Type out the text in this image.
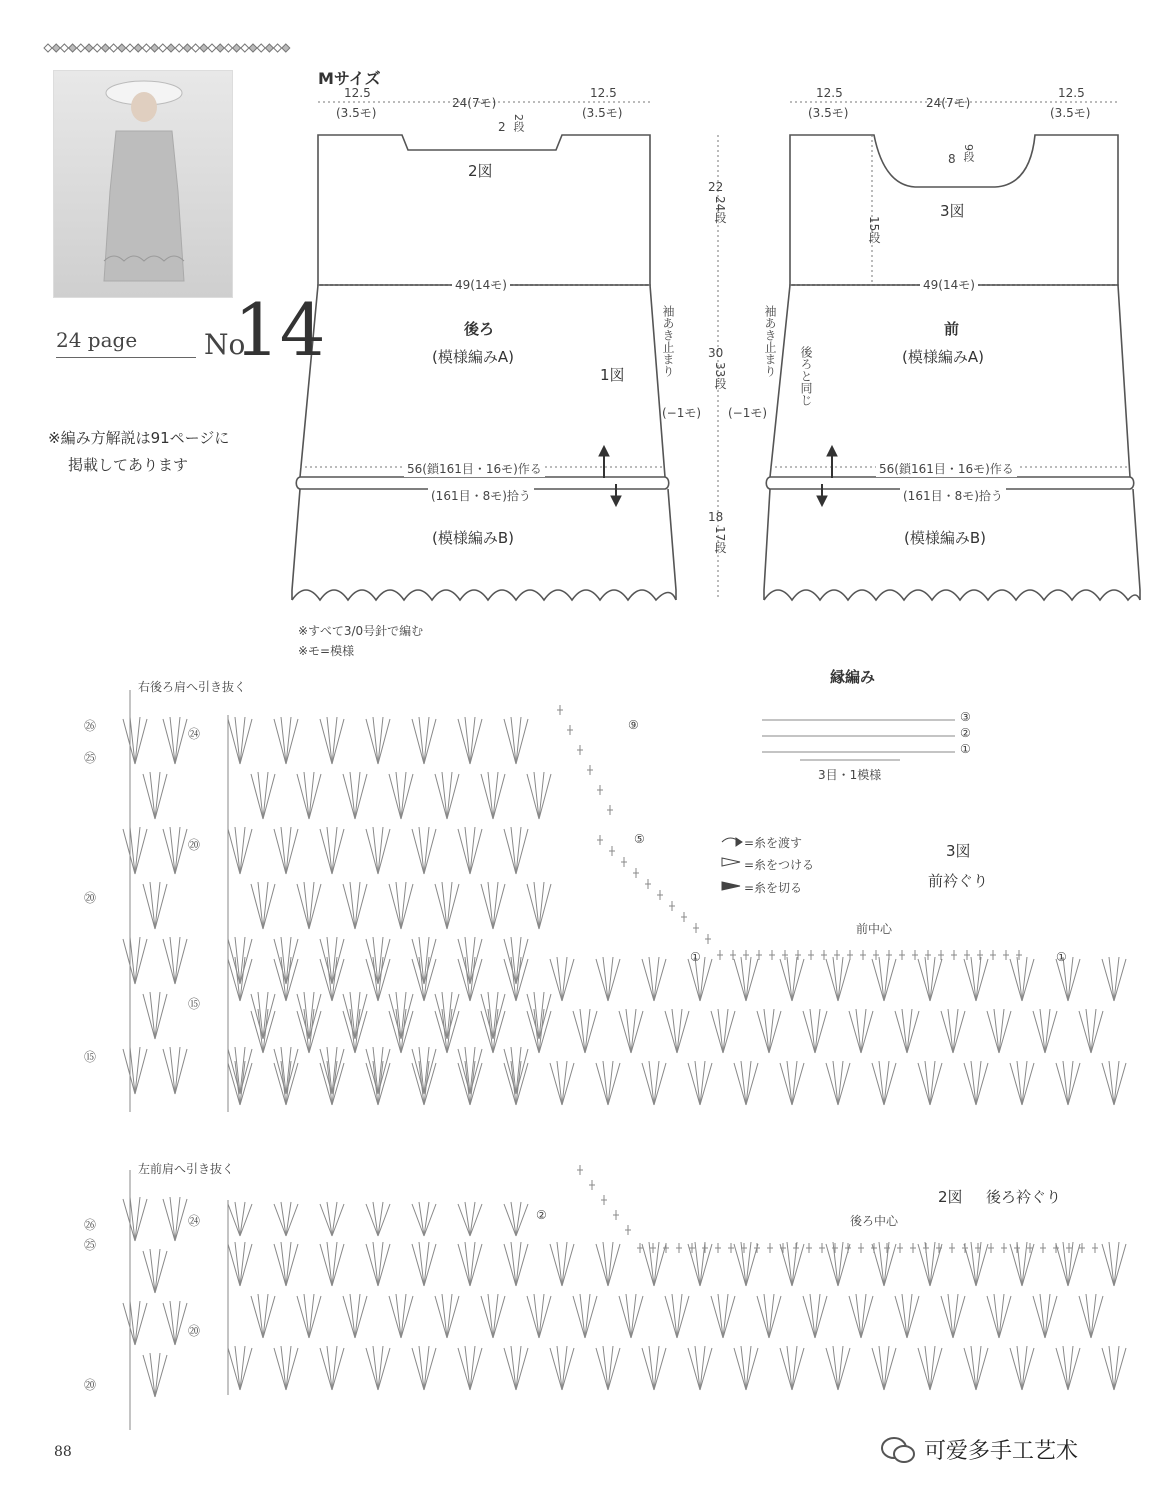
24 page No
14
※編み方解説は91ページに
掲載してあります
Mサイズ
12.5
(3.5モ)
24(7モ)
12.5
(3.5モ)
2 2段
2図
49(14モ)
後ろ
(模様編みA)
1図
56(鎖161目・16モ)作る
(161目・8モ)拾う
(模様編みB)
袖あき止まり
22
24段
30
33段
(−1モ) (−1モ)
18
17段
12.5
(3.5モ)
24(7モ)
12.5
(3.5モ)
8 9段
3図
15段
49(14モ)
前
(模様編みA)
56(鎖161目・16モ)作る
(161目・8モ)拾う
(模様編みB)
袖あき止まり 後ろと同じ
※すべて3/0号針で編む
※モ=模様
縁編み
3目・1模様
③
②
①
=糸を渡す
=糸をつける
=糸を切る
3図
前衿ぐり
前中心
右後ろ肩へ引き抜く
㉖
㉕
⑳
⑳
⑮
⑮
㉔
⑨
⑤
①	①
2図 後ろ衿ぐり
後ろ中心
左前肩へ引き抜く
㉖
㉕
⑳
⑳
㉔	②
88	可爱多手工艺术
